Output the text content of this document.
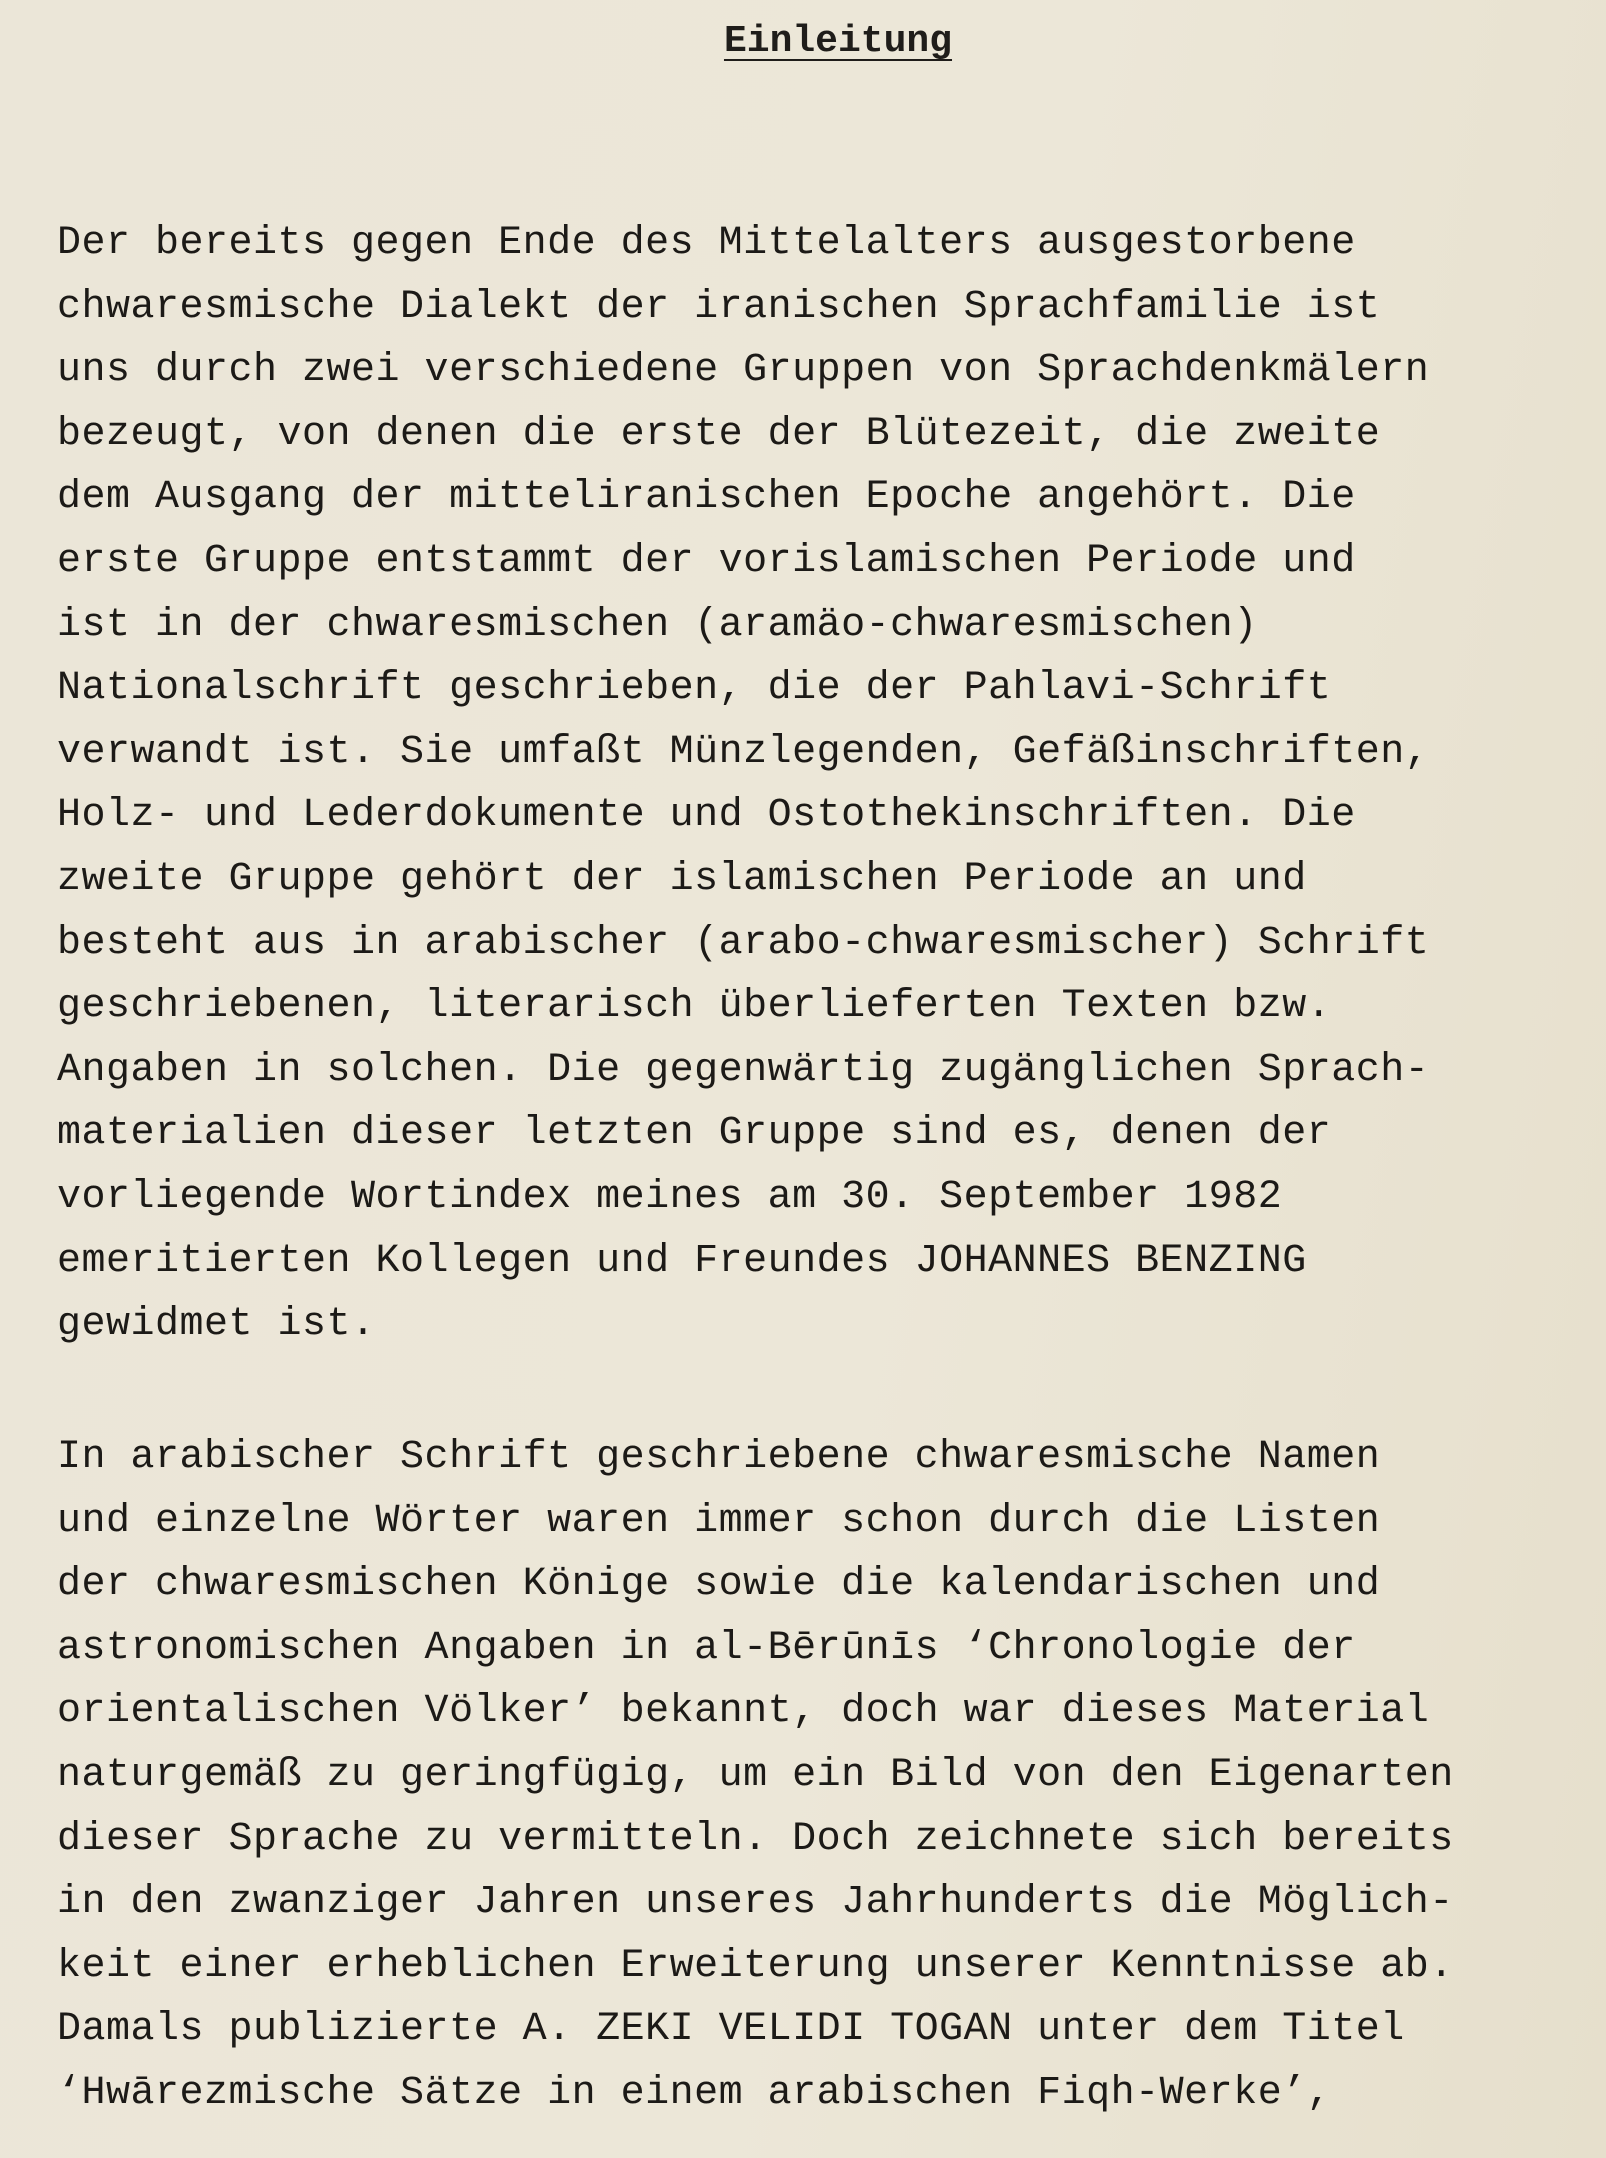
Einleitung

Der bereits gegen Ende des Mittelalters ausgestorbene
chwaresmische Dialekt der iranischen Sprachfamilie ist
uns durch zwei verschiedene Gruppen von Sprachdenkmälern
bezeugt, von denen die erste der Blütezeit, die zweite
dem Ausgang der mitteliranischen Epoche angehört. Die
erste Gruppe entstammt der vorislamischen Periode und
ist in der chwaresmischen (aramäo-chwaresmischen)
Nationalschrift geschrieben, die der Pahlavi-Schrift
verwandt ist. Sie umfaßt Münzlegenden, Gefäßinschriften,
Holz- und Lederdokumente und Ostothekinschriften. Die
zweite Gruppe gehört der islamischen Periode an und
besteht aus in arabischer (arabo-chwaresmischer) Schrift
geschriebenen, literarisch überlieferten Texten bzw.
Angaben in solchen. Die gegenwärtig zugänglichen Sprach-
materialien dieser letzten Gruppe sind es, denen der
vorliegende Wortindex meines am 30. September 1982
emeritierten Kollegen und Freundes JOHANNES BENZING
gewidmet ist.

In arabischer Schrift geschriebene chwaresmische Namen
und einzelne Wörter waren immer schon durch die Listen
der chwaresmischen Könige sowie die kalendarischen und
astronomischen Angaben in al-Bērūnīs ‘Chronologie der
orientalischen Völker’ bekannt, doch war dieses Material
naturgemäß zu geringfügig, um ein Bild von den Eigenarten
dieser Sprache zu vermitteln. Doch zeichnete sich bereits
in den zwanziger Jahren unseres Jahrhunderts die Möglich-
keit einer erheblichen Erweiterung unserer Kenntnisse ab.
Damals publizierte A. ZEKI VELIDI TOGAN unter dem Titel
‘Hwārezmische Sätze in einem arabischen Fiqh-Werke’,
